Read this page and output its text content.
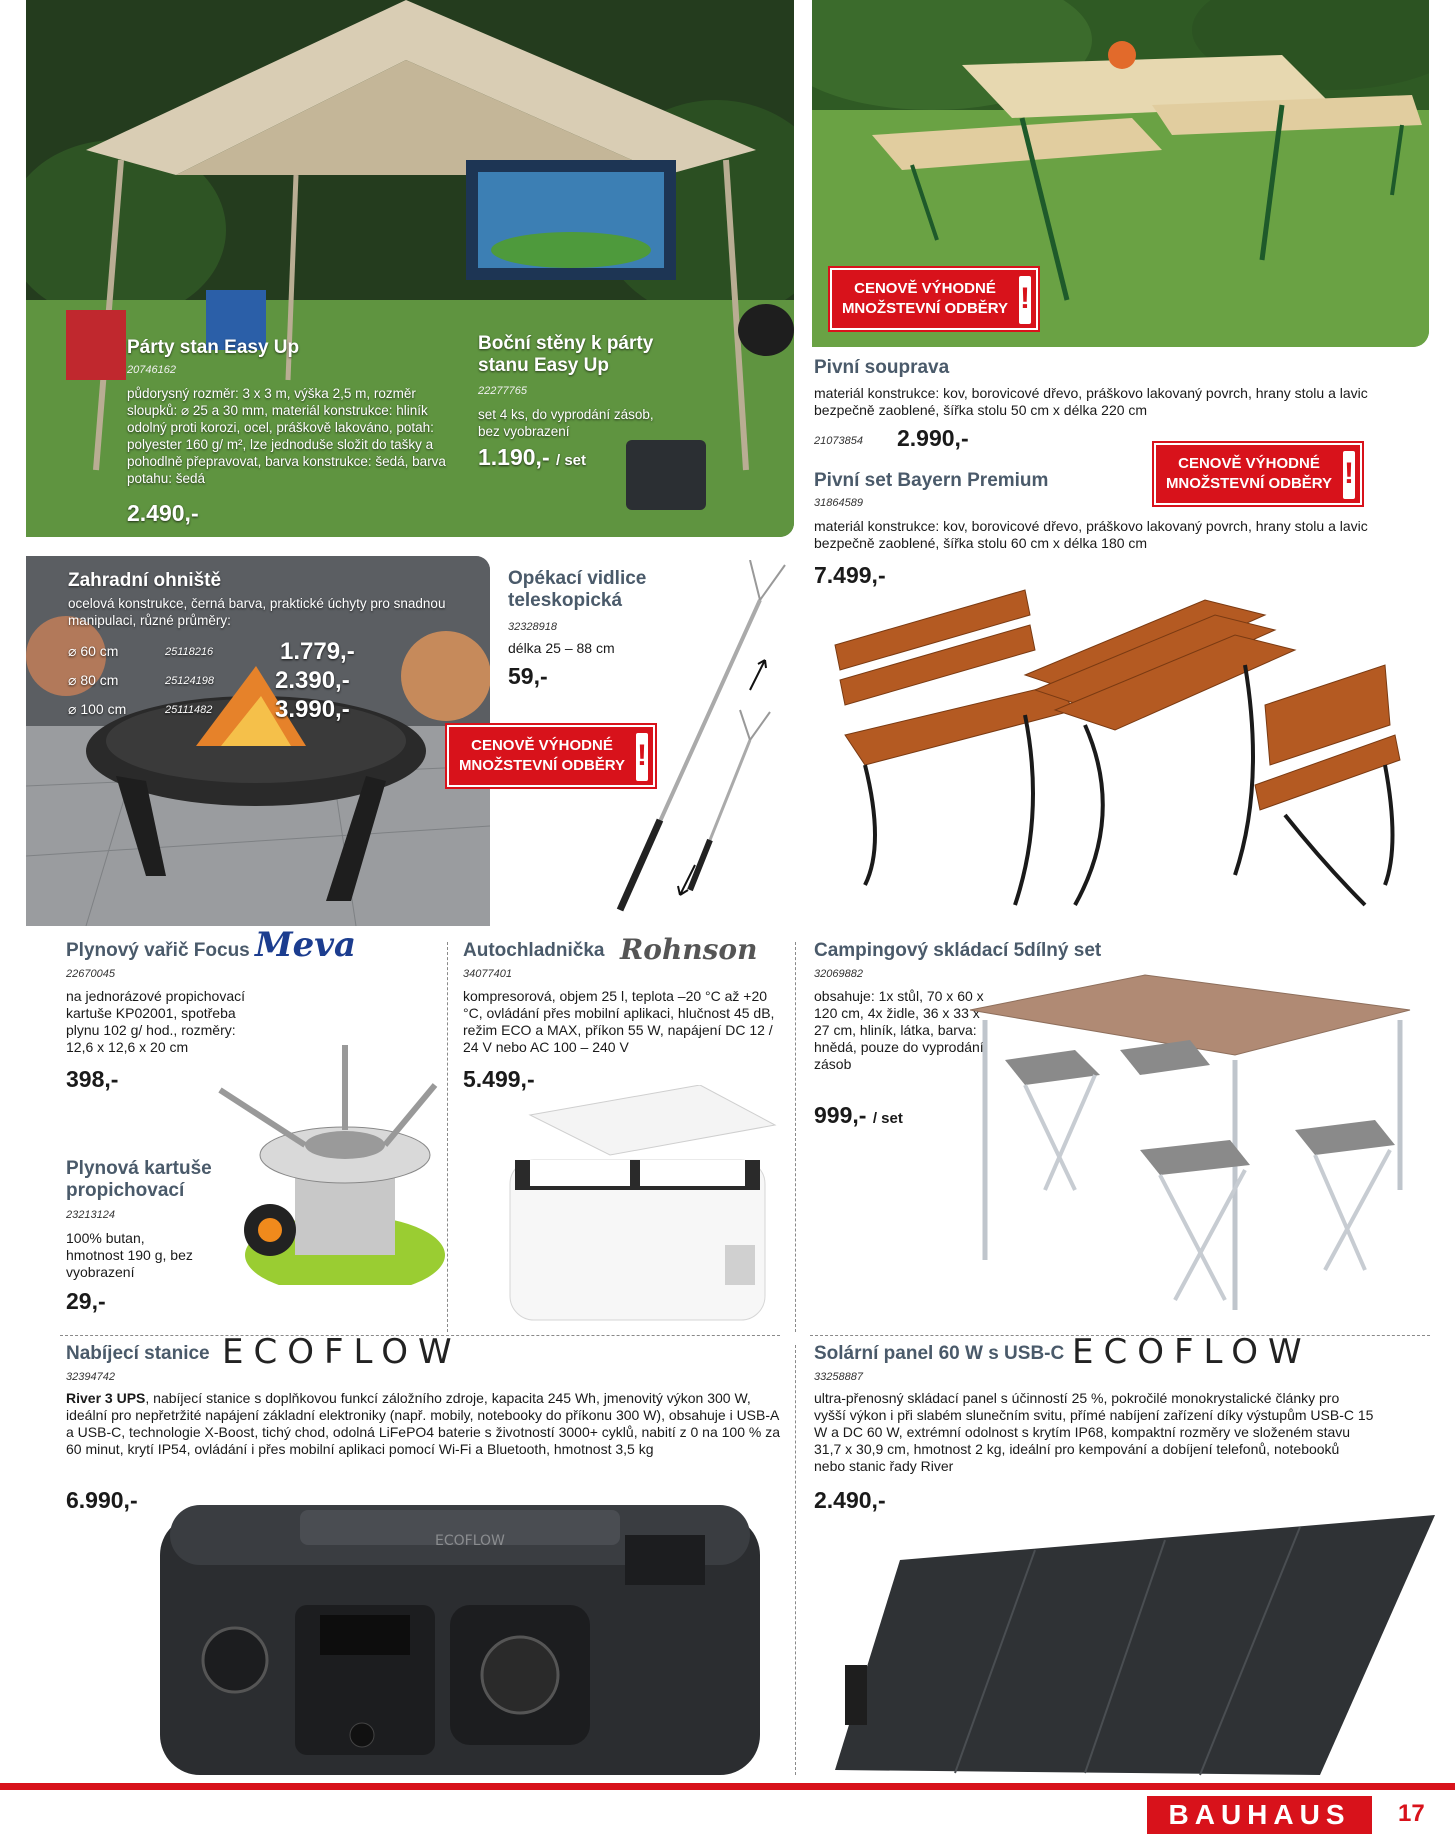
Párty stan Easy Up
20746162
půdorysný rozměr: 3 x 3 m, výška 2,5 m, rozměr sloupků: ⌀ 25 a 30 mm, materiál konstrukce: hliník odolný proti korozi, ocel, práškově lakováno, potah: polyester 160 g/ m², lze jednoduše složit do tašky a pohodlně přepravovat, barva konstrukce: šedá, barva potahu: šedá
2.490,-
Boční stěny k párty stanu Easy Up
22277765
set 4 ks, do vyprodání zásob, bez vyobrazení
1.190,- / set
CENOVĚ VÝHODNÉ
MNOŽSTEVNÍ ODBĚRY !
Pivní souprava
materiál konstrukce: kov, borovicové dřevo, práškovo lakovaný povrch, hrany stolu a lavic bezpečně zaoblené, šířka stolu 50 cm x délka 220 cm
21073854 2.990,-
CENOVĚ VÝHODNÉ
MNOŽSTEVNÍ ODBĚRY !
Pivní set Bayern Premium
31864589
materiál konstrukce: kov, borovicové dřevo, práškovo lakovaný povrch, hrany stolu a lavic bezpečně zaoblené, šířka stolu 60 cm x délka 180 cm
7.499,-
Zahradní ohniště
ocelová konstrukce, černá barva, praktické úchyty pro snadnou manipulaci, různé průměry:
⌀ 60 cm	25118216	1.779,-
⌀ 80 cm	25124198	2.390,-
⌀ 100 cm	25111482	3.990,-
CENOVĚ VÝHODNÉ
MNOŽSTEVNÍ ODBĚRY !
Opékací vidlice teleskopická
32328918
délka 25 – 88 cm
59,-
Plynový vařič Focus Meva
22670045
na jednorázové propichovací kartuše KP02001, spotřeba plynu 102 g/ hod., rozměry: 12,6 x 12,6 x 20 cm
398,-
Plynová kartuše propichovací
23213124
100% butan, hmotnost 190 g, bez vyobrazení
29,-
Autochladnička Rohnson
34077401
kompresorová, objem 25 l, teplota –20 °C až +20 °C, ovládání přes mobilní aplikaci, hlučnost 45 dB, režim ECO a MAX, příkon 55 W, napájení DC 12 / 24 V nebo AC 100 – 240 V
5.499,-
Campingový skládací 5dílný set
32069882
obsahuje: 1x stůl, 70 x 60 x 120 cm, 4x židle, 36 x 33 x 27 cm, hliník, látka, barva: hnědá, pouze do vyprodání zásob
999,- / set
Nabíjecí stanice ECOFLOW
32394742
River 3 UPS, nabíjecí stanice s doplňkovou funkcí záložního zdroje, kapacita 245 Wh, jmenovitý výkon 300 W, ideální pro nepřetržité napájení základní elektroniky (např. mobily, notebooky do příkonu 300 W), obsahuje i USB-A a USB-C, technologie X-Boost, tichý chod, odolná LiFePO4 baterie s životností 3000+ cyklů, nabití z 0 na 100 % za 60 minut, krytí IP54, ovládání i přes mobilní aplikaci pomocí Wi-Fi a Bluetooth, hmotnost 3,5 kg
6.990,-
ECOFLOW
Solární panel 60 W s USB-C ECOFLOW
33258887
ultra-přenosný skládací panel s účinností 25 %, pokročilé monokrystalické články pro vyšší výkon i při slabém slunečním svitu, přímé nabíjení zařízení díky výstupům USB-C 15 W a DC 60 W, extrémní odolnost s krytím IP68, kompaktní rozměry ve složeném stavu 31,7 x 30,9 cm, hmotnost 2 kg, ideální pro kempování a dobíjení telefonů, notebooků nebo stanic řady River
2.490,-
BAUHAUS 17
